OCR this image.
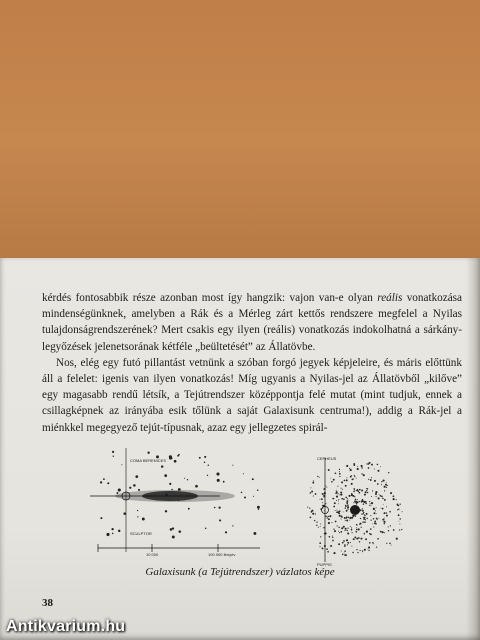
kérdés fontosabbik része azonban most így hangzik: vajon van-e olyan reális vonatkozása mindenségünknek, amelyben a Rák és a Mérleg zárt kettős rendszere megfelel a Nyilas tulajdonságrendszerének? Mert csakis egy ilyen (reális) vonatkozás indokolhatná a sárkány-legyőzések jelenetsorának kétféle „beültetését” az Állatövbe.

Nos, elég egy futó pillantást vetnünk a szóban forgó jegyek képjeleire, és máris előttünk áll a felelet: igenis van ilyen vonatkozás! Míg ugyanis a Nyilas-jel az Állatövből „kilőve” egy magasabb rendű létsík, a Tejútrendszer középpontja felé mutat (mint tudjuk, ennek a csillagképnek az irányába esik tőlünk a saját Galaxisunk centruma!), addig a Rák-jel a miénkkel megegyező tejút-típusnak, azaz egy jellegzetes spirál-

COMA BERENICES
SCULPTOR
10 000	100 000 fényév
CEPHEUS
PUPPIS
Galaxisunk (a Tejútrendszer) vázlatos képe
38
Antikvarium.hu
